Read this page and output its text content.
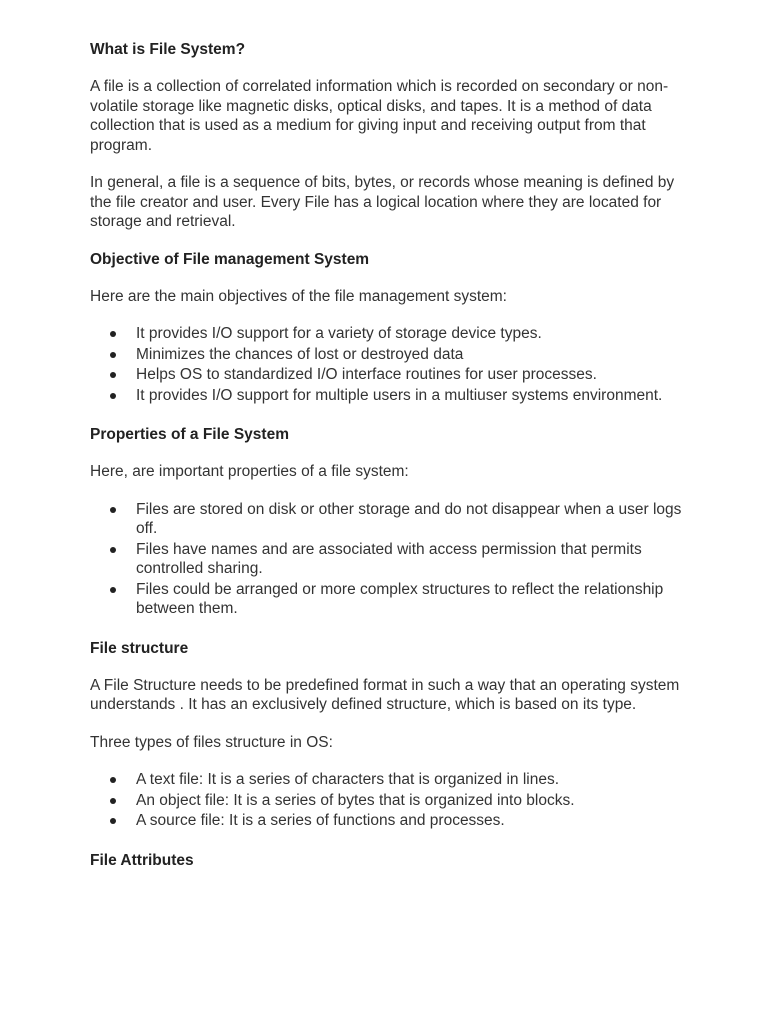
What is File System?

A file is a collection of correlated information which is recorded on secondary or non-volatile storage like magnetic disks, optical disks, and tapes. It is a method of data collection that is used as a medium for giving input and receiving output from that program.

In general, a file is a sequence of bits, bytes, or records whose meaning is defined by the file creator and user. Every File has a logical location where they are located for storage and retrieval.

Objective of File management System

Here are the main objectives of the file management system:

It provides I/O support for a variety of storage device types.
Minimizes the chances of lost or destroyed data
Helps OS to standardized I/O interface routines for user processes.
It provides I/O support for multiple users in a multiuser systems environment.
Properties of a File System

Here, are important properties of a file system:

Files are stored on disk or other storage and do not disappear when a user logs off.
Files have names and are associated with access permission that permits controlled sharing.
Files could be arranged or more complex structures to reflect the relationship between them.
File structure

A File Structure needs to be predefined format in such a way that an operating system understands . It has an exclusively defined structure, which is based on its type.

Three types of files structure in OS:

A text file: It is a series of characters that is organized in lines.
An object file: It is a series of bytes that is organized into blocks.
A source file: It is a series of functions and processes.
File Attributes
